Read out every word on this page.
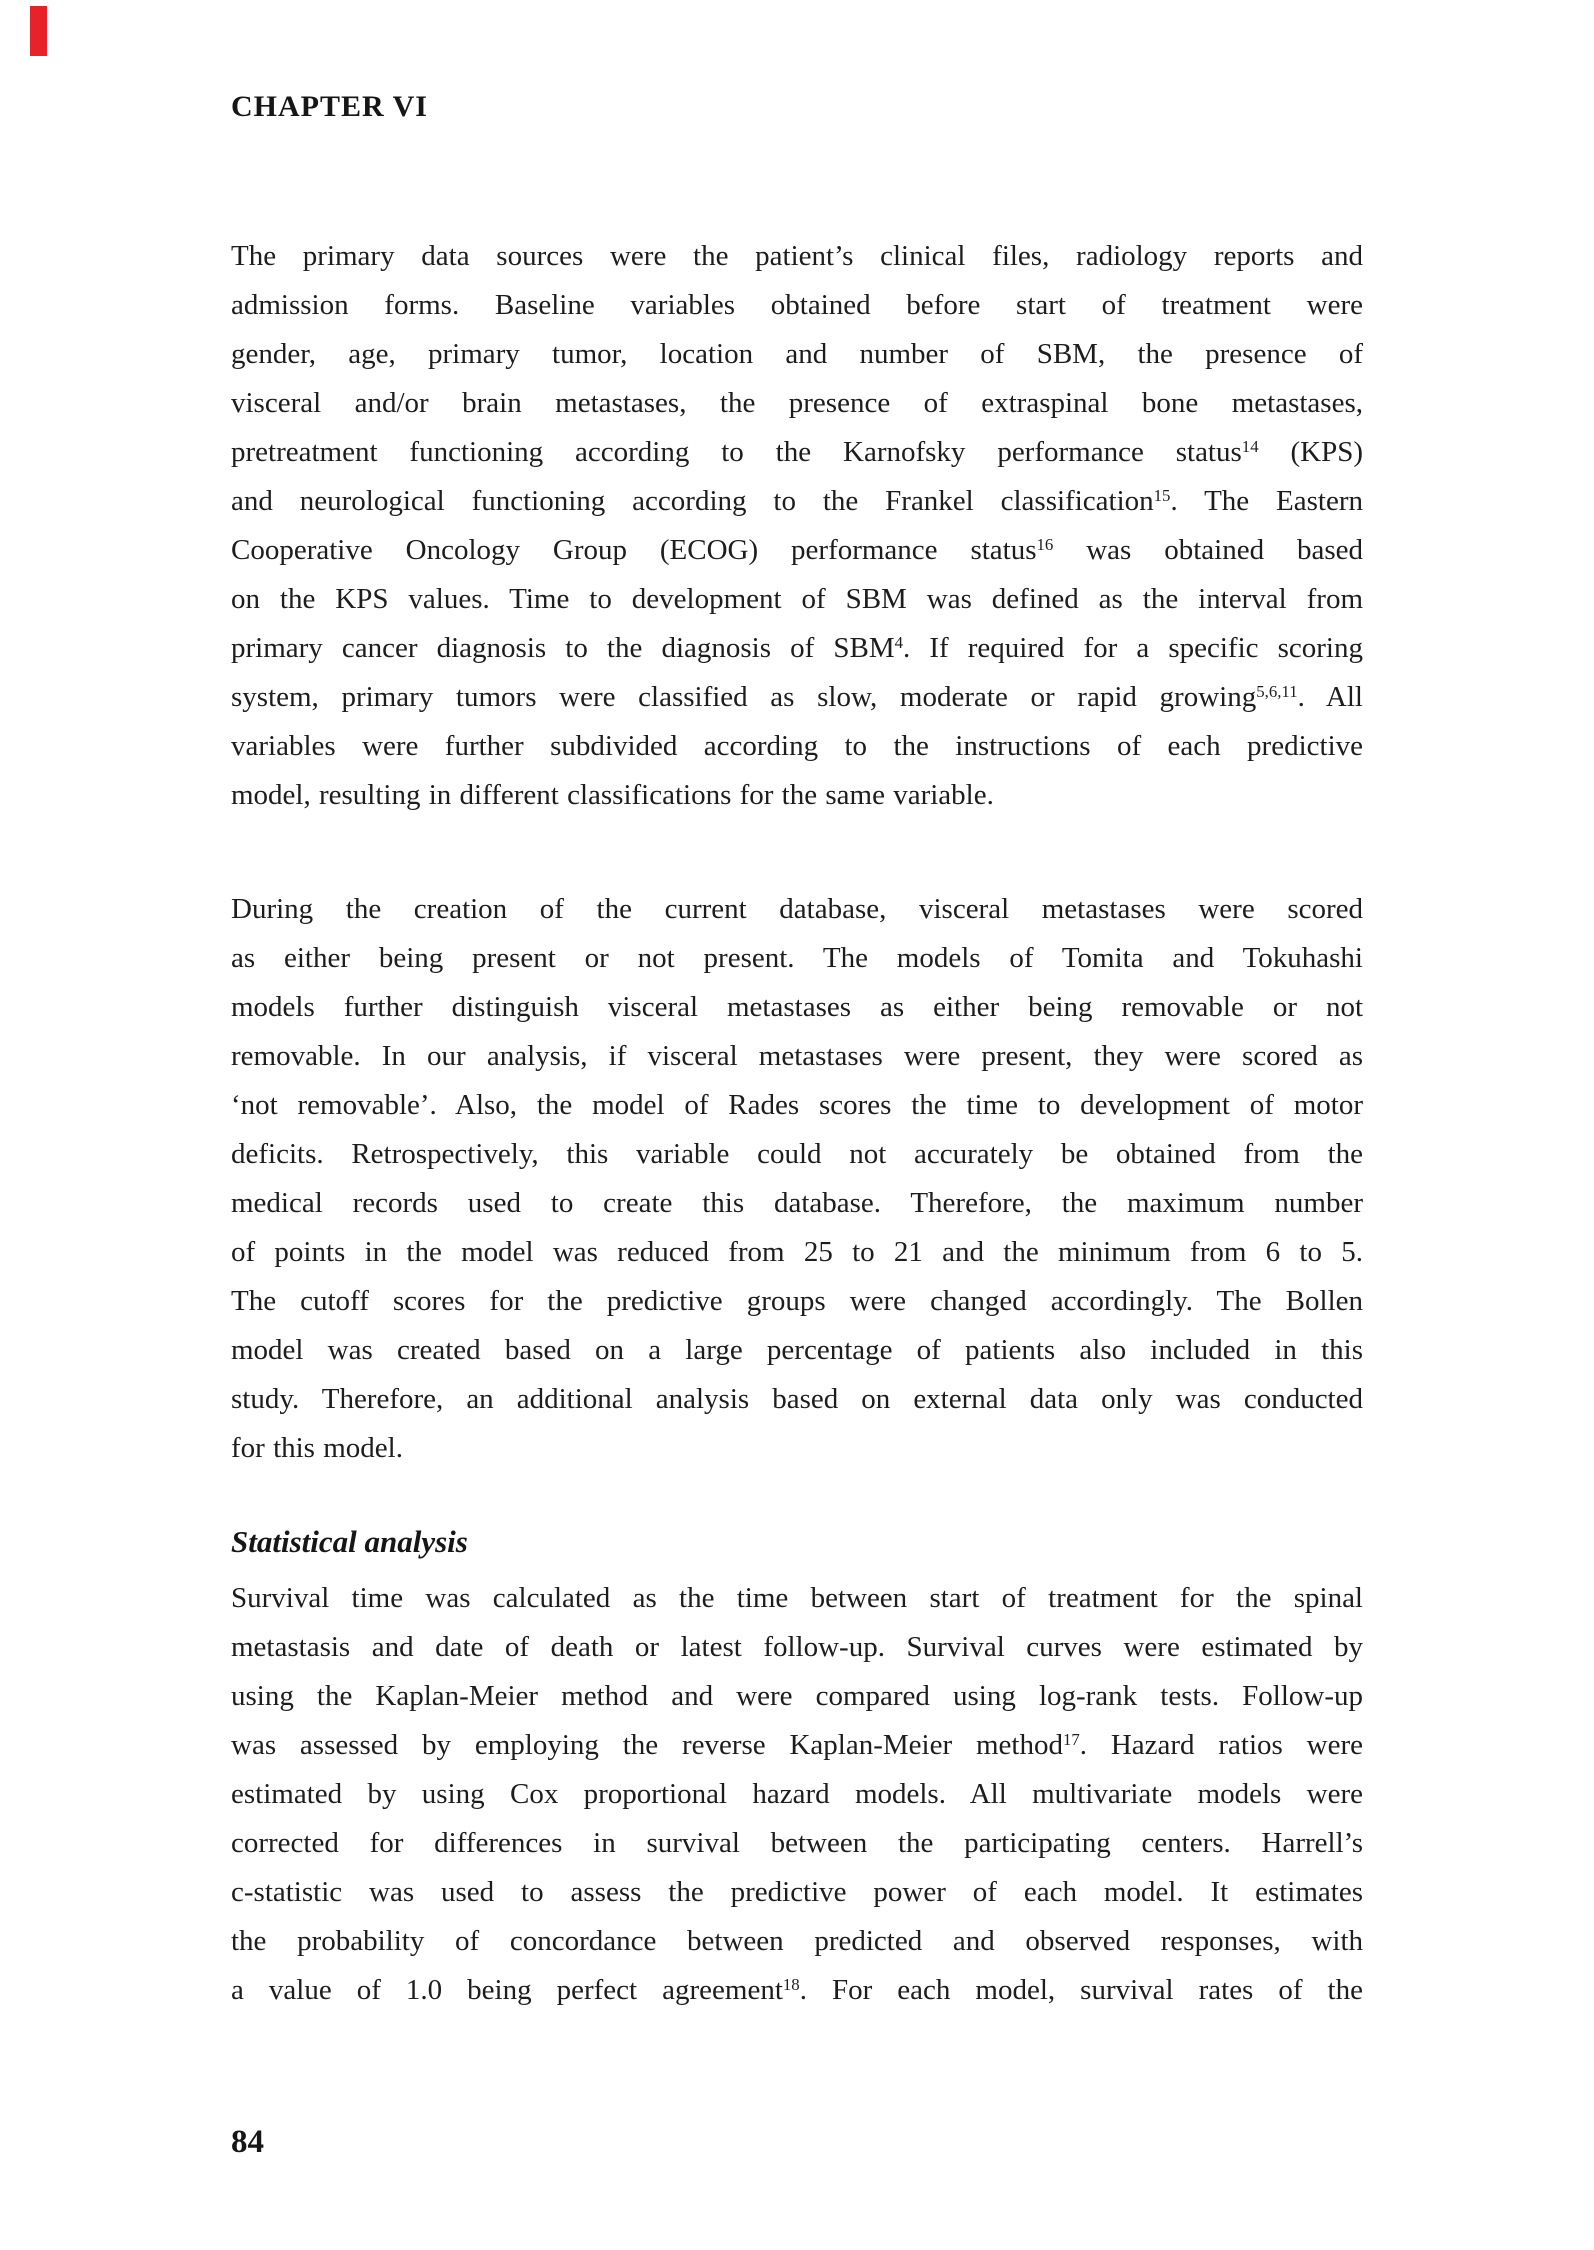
CHAPTER VI
The primary data sources were the patient’s clinical files, radiology reports and
admission forms. Baseline variables obtained before start of treatment were
gender, age, primary tumor, location and number of SBM, the presence of
visceral and/or brain metastases, the presence of extraspinal bone metastases,
pretreatment functioning according to the Karnofsky performance status$^{14}$ (KPS)
and neurological functioning according to the Frankel classification$^{15}$. The Eastern
Cooperative Oncology Group (ECOG) performance status$^{16}$ was obtained based
on the KPS values. Time to development of SBM was defined as the interval from
primary cancer diagnosis to the diagnosis of SBM$^4$. If required for a specific scoring
system, primary tumors were classified as slow, moderate or rapid growing$^{5,6,11}$. All
variables were further subdivided according to the instructions of each predictive
model, resulting in different classifications for the same variable.
During the creation of the current database, visceral metastases were scored
as either being present or not present. The models of Tomita and Tokuhashi
models further distinguish visceral metastases as either being removable or not
removable. In our analysis, if visceral metastases were present, they were scored as
‘not removable’. Also, the model of Rades scores the time to development of motor
deficits. Retrospectively, this variable could not accurately be obtained from the
medical records used to create this database. Therefore, the maximum number
of points in the model was reduced from 25 to 21 and the minimum from 6 to 5.
The cutoff scores for the predictive groups were changed accordingly. The Bollen
model was created based on a large percentage of patients also included in this
study. Therefore, an additional analysis based on external data only was conducted
for this model.
Statistical analysis
Survival time was calculated as the time between start of treatment for the spinal
metastasis and date of death or latest follow-up. Survival curves were estimated by
using the Kaplan-Meier method and were compared using log-rank tests. Follow-up
was assessed by employing the reverse Kaplan-Meier method$^{17}$. Hazard ratios were
estimated by using Cox proportional hazard models. All multivariate models were
corrected for differences in survival between the participating centers. Harrell’s
c-statistic was used to assess the predictive power of each model. It estimates
the probability of concordance between predicted and observed responses, with
a value of 1.0 being perfect agreement$^{18}$. For each model, survival rates of the
84
